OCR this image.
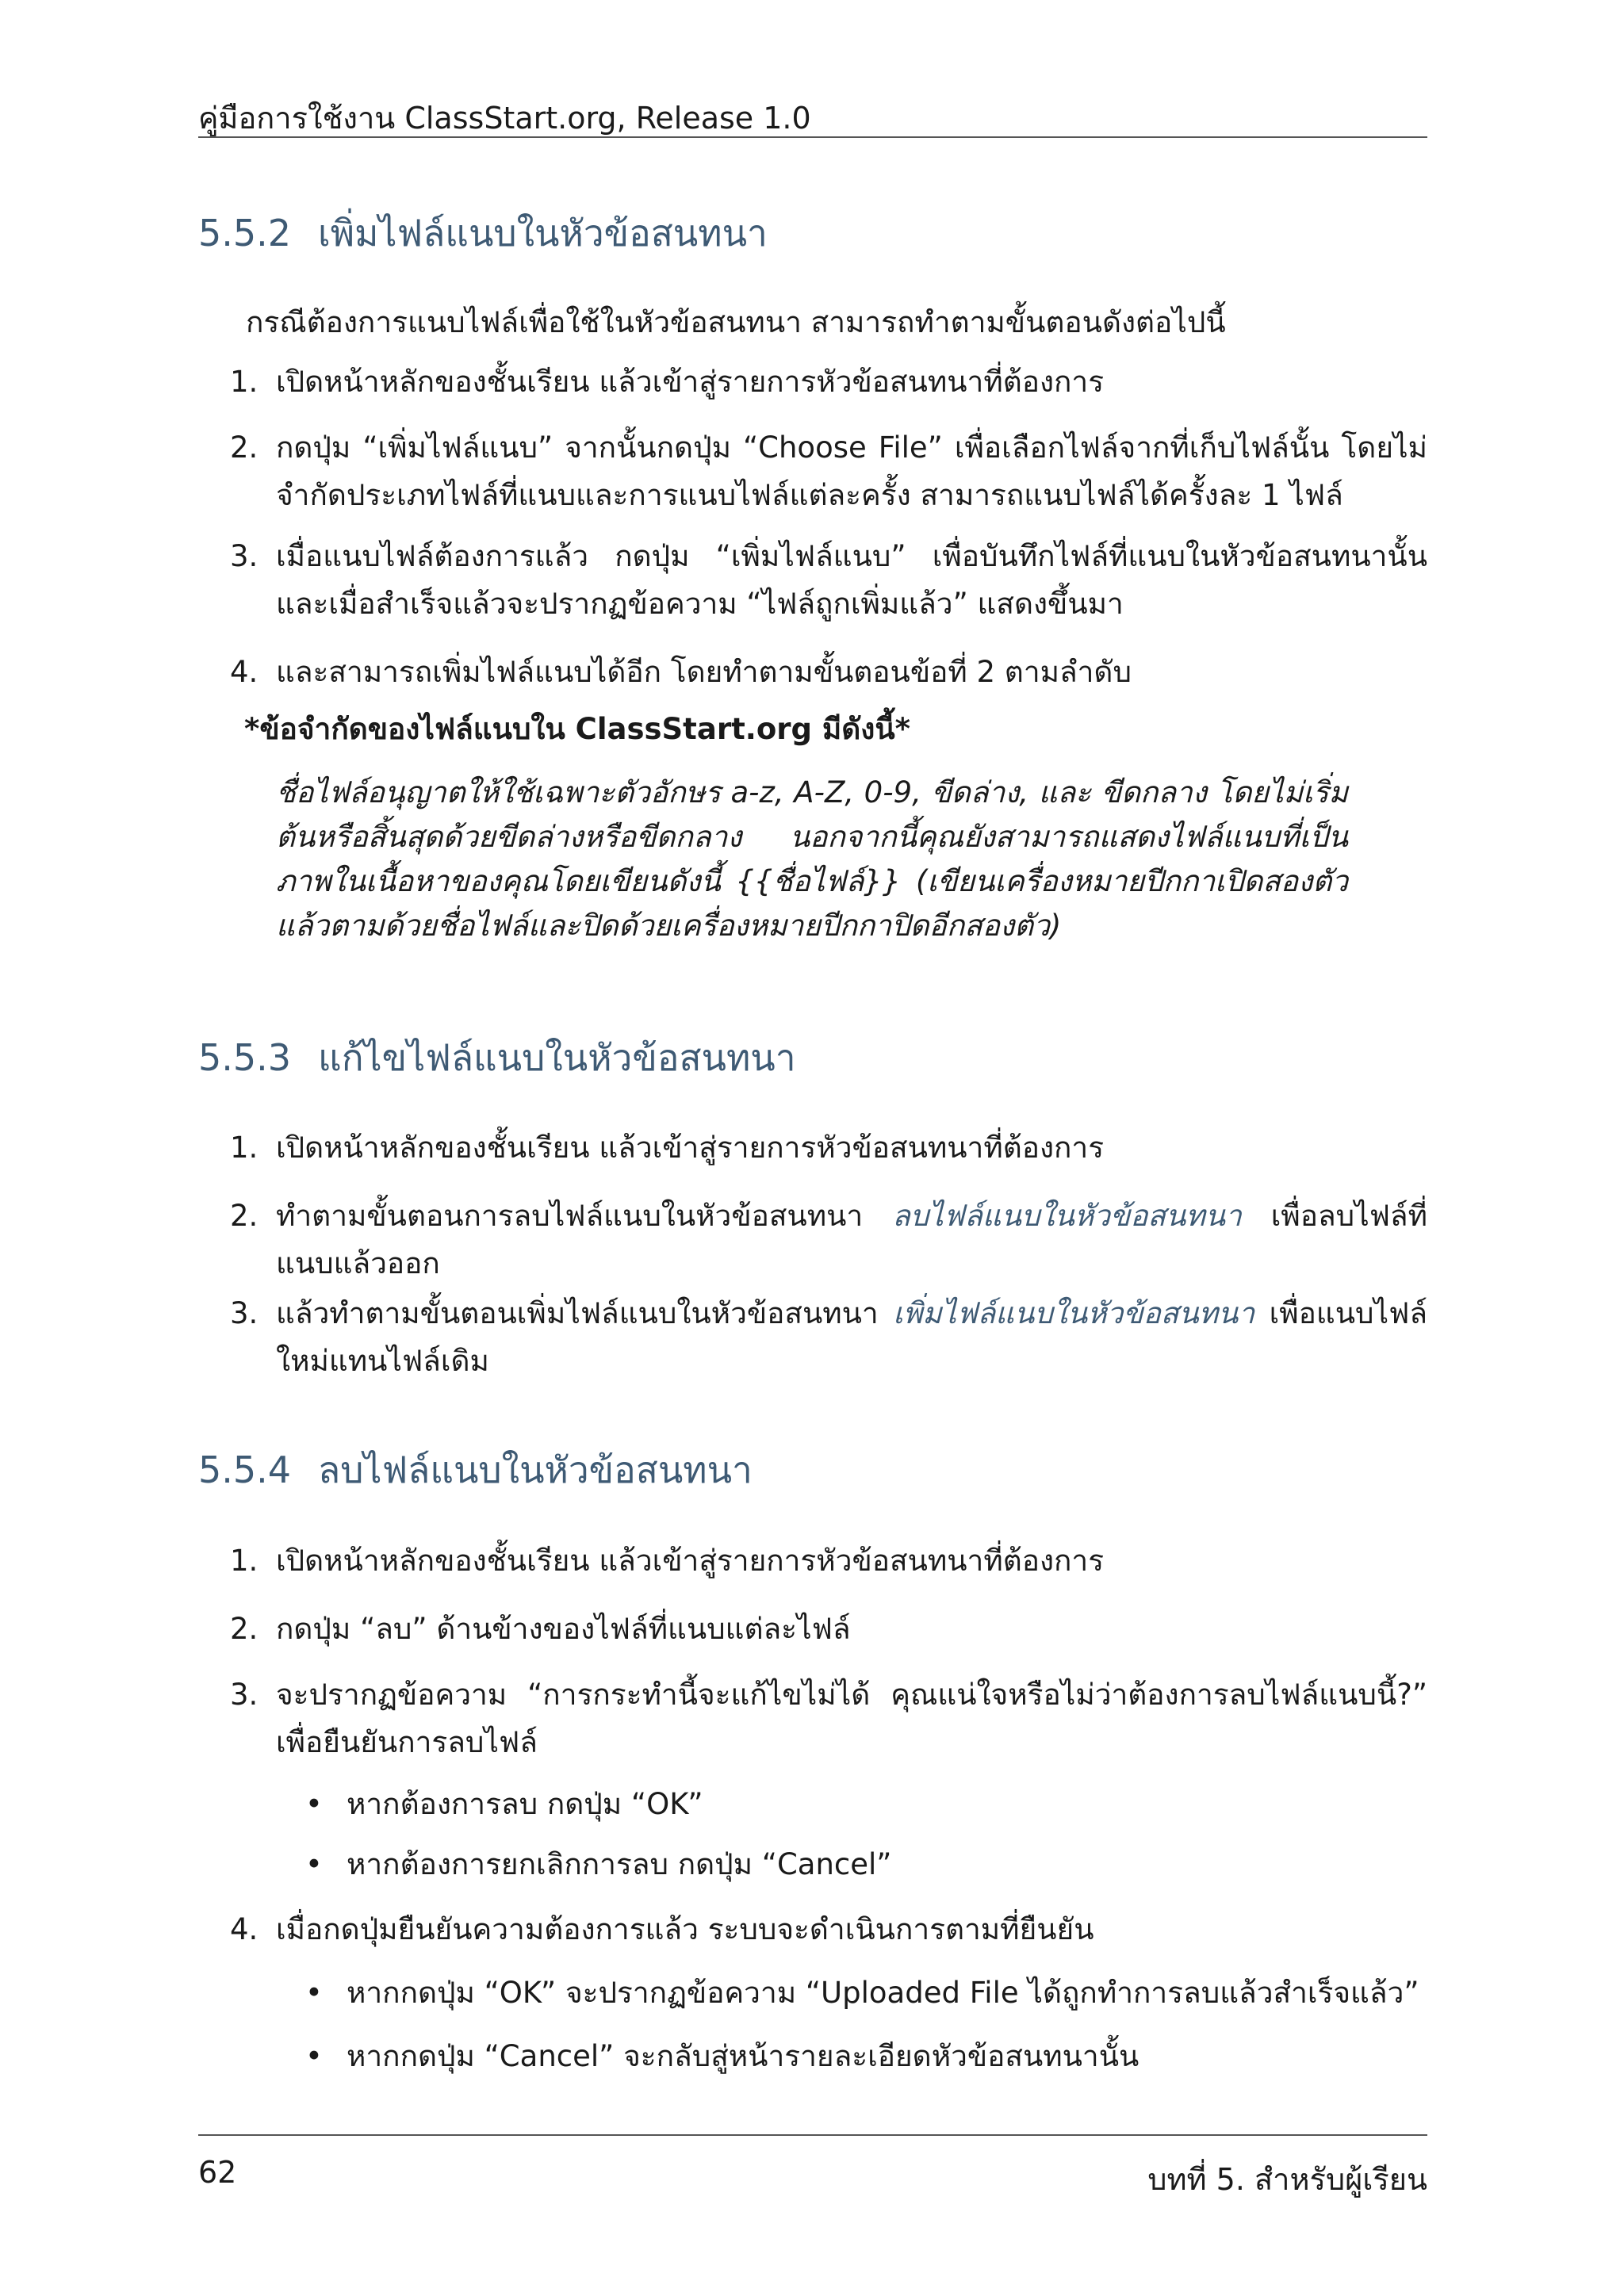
คู่มือการใช้งาน ClassStart.org, Release 1.0
5.5.2 เพิ่มไฟล์แนบในหัวข้อสนทนา
กรณีต้องการแนบไฟล์เพื่อใช้ในหัวข้อสนทนา สามารถทำตามขั้นตอนดังต่อไปนี้
1. เปิดหน้าหลักของชั้นเรียน แล้วเข้าสู่รายการหัวข้อสนทนาที่ต้องการ
2. กดปุ่ม “เพิ่มไฟล์แนบ” จากนั้นกดปุ่ม “Choose File” เพื่อเลือกไฟล์จากที่เก็บไฟล์นั้น โดยไม่จำกัดประเภทไฟล์ที่แนบและการแนบไฟล์แต่ละครั้ง สามารถแนบไฟล์ได้ครั้งละ 1 ไฟล์
3. เมื่อแนบไฟล์ต้องการแล้ว กดปุ่ม “เพิ่มไฟล์แนบ” เพื่อบันทึกไฟล์ที่แนบในหัวข้อสนทนานั้นและเมื่อสำเร็จแล้วจะปรากฏข้อความ “ไฟล์ถูกเพิ่มแล้ว” แสดงขึ้นมา
4. และสามารถเพิ่มไฟล์แนบได้อีก โดยทำตามขั้นตอนข้อที่ 2 ตามลำดับ
*ข้อจำกัดของไฟล์แนบใน ClassStart.org มีดังนี้*
ชื่อไฟล์อนุญาตให้ใช้เฉพาะตัวอักษร a-z, A-Z, 0-9, ขีดล่าง, และ ขีดกลาง โดยไม่เริ่มต้นหรือสิ้นสุดด้วยขีดล่างหรือขีดกลาง นอกจากนี้คุณยังสามารถแสดงไฟล์แนบที่เป็นภาพในเนื้อหาของคุณโดยเขียนดังนี้ {{ชื่อไฟล์}} (เขียนเครื่องหมายปีกกาเปิดสองตัวแล้วตามด้วยชื่อไฟล์และปิดด้วยเครื่องหมายปีกกาปิดอีกสองตัว)
5.5.3 แก้ไขไฟล์แนบในหัวข้อสนทนา
1. เปิดหน้าหลักของชั้นเรียน แล้วเข้าสู่รายการหัวข้อสนทนาที่ต้องการ
2. ทำตามขั้นตอนการลบไฟล์แนบในหัวข้อสนทนา ลบไฟล์แนบในหัวข้อสนทนา เพื่อลบไฟล์ที่แนบแล้วออก
3. แล้วทำตามขั้นตอนเพิ่มไฟล์แนบในหัวข้อสนทนา เพิ่มไฟล์แนบในหัวข้อสนทนา เพื่อแนบไฟล์ใหม่แทนไฟล์เดิม
5.5.4 ลบไฟล์แนบในหัวข้อสนทนา
1. เปิดหน้าหลักของชั้นเรียน แล้วเข้าสู่รายการหัวข้อสนทนาที่ต้องการ
2. กดปุ่ม “ลบ” ด้านข้างของไฟล์ที่แนบแต่ละไฟล์
3. จะปรากฏข้อความ “การกระทำนี้จะแก้ไขไม่ได้ คุณแน่ใจหรือไม่ว่าต้องการลบไฟล์แนบนี้?” เพื่อยืนยันการลบไฟล์
• หากต้องการลบ กดปุ่ม “OK”
• หากต้องการยกเลิกการลบ กดปุ่ม “Cancel”
4. เมื่อกดปุ่มยืนยันความต้องการแล้ว ระบบจะดำเนินการตามที่ยืนยัน
• หากกดปุ่ม “OK” จะปรากฏข้อความ “Uploaded File ได้ถูกทำการลบแล้วสำเร็จแล้ว”
• หากกดปุ่ม “Cancel” จะกลับสู่หน้ารายละเอียดหัวข้อสนทนานั้น
62	บทที่ 5. สำหรับผู้เรียน
